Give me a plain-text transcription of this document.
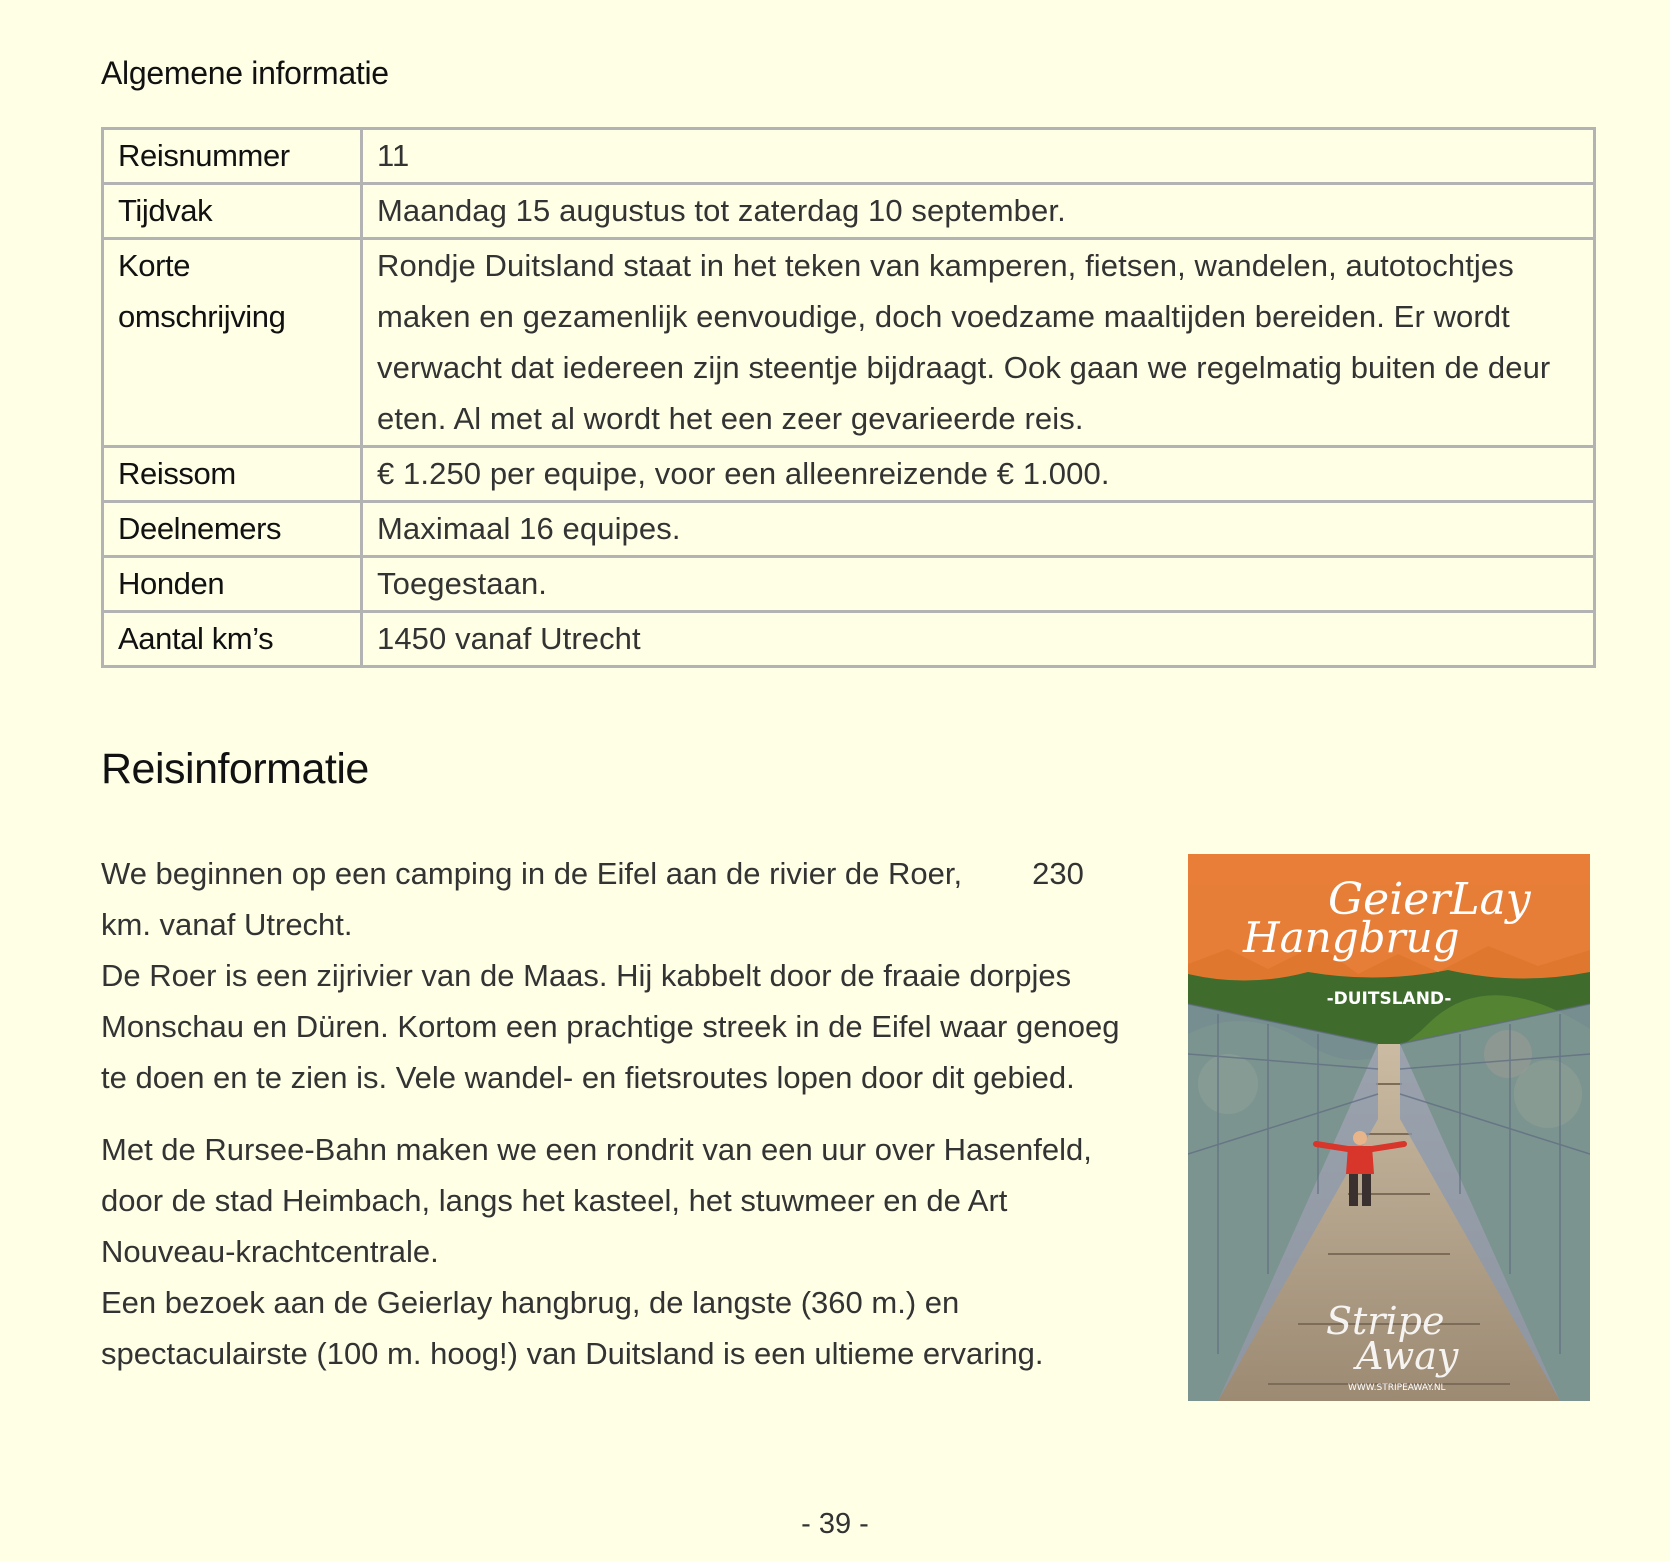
Algemene informatie
Reisnummer	11
Tijdvak	Maandag 15 augustus tot zaterdag 10 september.
Korte omschrijving	Rondje Duitsland staat in het teken van kamperen, fietsen, wandelen, autotochtjes maken en gezamenlijk eenvoudige, doch voedzame maaltijden bereiden. Er wordt verwacht dat iedereen zijn steentje bijdraagt. Ook gaan we regelmatig buiten de deur eten. Al met al wordt het een zeer gevarieerde reis.
Reissom	€ 1.250 per equipe, voor een alleenreizende € 1.000.
Deelnemers	Maximaal 16 equipes.
Honden	Toegestaan.
Aantal km’s	1450 vanaf Utrecht
Reisinformatie

We beginnen op een camping in de Eifel aan de rivier de Roer, 230
km. vanaf Utrecht.

De Roer is een zijrivier van de Maas. Hij kabbelt door de fraaie dorpjes Monschau en Düren. Kortom een prachtige streek in de Eifel waar genoeg te doen en te zien is. Vele wandel- en fietsroutes lopen door dit gebied.

Met de Rursee-Bahn maken we een rondrit van een uur over Hasenfeld, door de stad Heimbach, langs het kasteel, het stuwmeer en de Art Nouveau-krachtcentrale.

Een bezoek aan de Geierlay hangbrug, de langste (360 m.) en spectaculairste (100 m. hoog!) van Duitsland is een ultieme ervaring.

GeierLay
Hangbrug
-DUITSLAND-
Stripe
Away
WWW.STRIPEAWAY.NL
- 39 -
